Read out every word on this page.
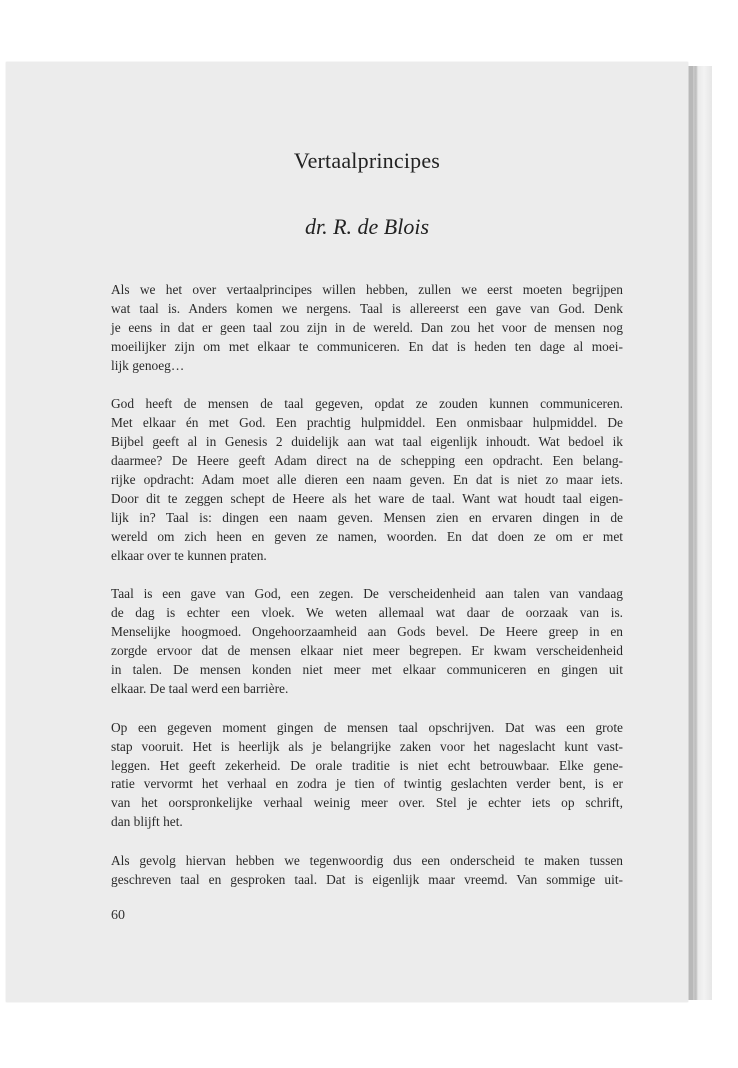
Vertaalprincipes
dr. R. de Blois
Als we het over vertaalprincipes willen hebben, zullen we eerst moeten begrijpen
wat taal is. Anders komen we nergens. Taal is allereerst een gave van God. Denk
je eens in dat er geen taal zou zijn in de wereld. Dan zou het voor de mensen nog
moeilijker zijn om met elkaar te communiceren. En dat is heden ten dage al moei-
lijk genoeg…
God heeft de mensen de taal gegeven, opdat ze zouden kunnen communiceren.
Met elkaar én met God. Een prachtig hulpmiddel. Een onmisbaar hulpmiddel. De
Bijbel geeft al in Genesis 2 duidelijk aan wat taal eigenlijk inhoudt. Wat bedoel ik
daarmee? De Heere geeft Adam direct na de schepping een opdracht. Een belang-
rijke opdracht: Adam moet alle dieren een naam geven. En dat is niet zo maar iets.
Door dit te zeggen schept de Heere als het ware de taal. Want wat houdt taal eigen-
lijk in? Taal is: dingen een naam geven. Mensen zien en ervaren dingen in de
wereld om zich heen en geven ze namen, woorden. En dat doen ze om er met
elkaar over te kunnen praten.
Taal is een gave van God, een zegen. De verscheidenheid aan talen van vandaag
de dag is echter een vloek. We weten allemaal wat daar de oorzaak van is.
Menselijke hoogmoed. Ongehoorzaamheid aan Gods bevel. De Heere greep in en
zorgde ervoor dat de mensen elkaar niet meer begrepen. Er kwam verscheidenheid
in talen. De mensen konden niet meer met elkaar communiceren en gingen uit
elkaar. De taal werd een barrière.
Op een gegeven moment gingen de mensen taal opschrijven. Dat was een grote
stap vooruit. Het is heerlijk als je belangrijke zaken voor het nageslacht kunt vast-
leggen. Het geeft zekerheid. De orale traditie is niet echt betrouwbaar. Elke gene-
ratie vervormt het verhaal en zodra je tien of twintig geslachten verder bent, is er
van het oorspronkelijke verhaal weinig meer over. Stel je echter iets op schrift,
dan blijft het.
Als gevolg hiervan hebben we tegenwoordig dus een onderscheid te maken tussen
geschreven taal en gesproken taal. Dat is eigenlijk maar vreemd. Van sommige uit-
60
